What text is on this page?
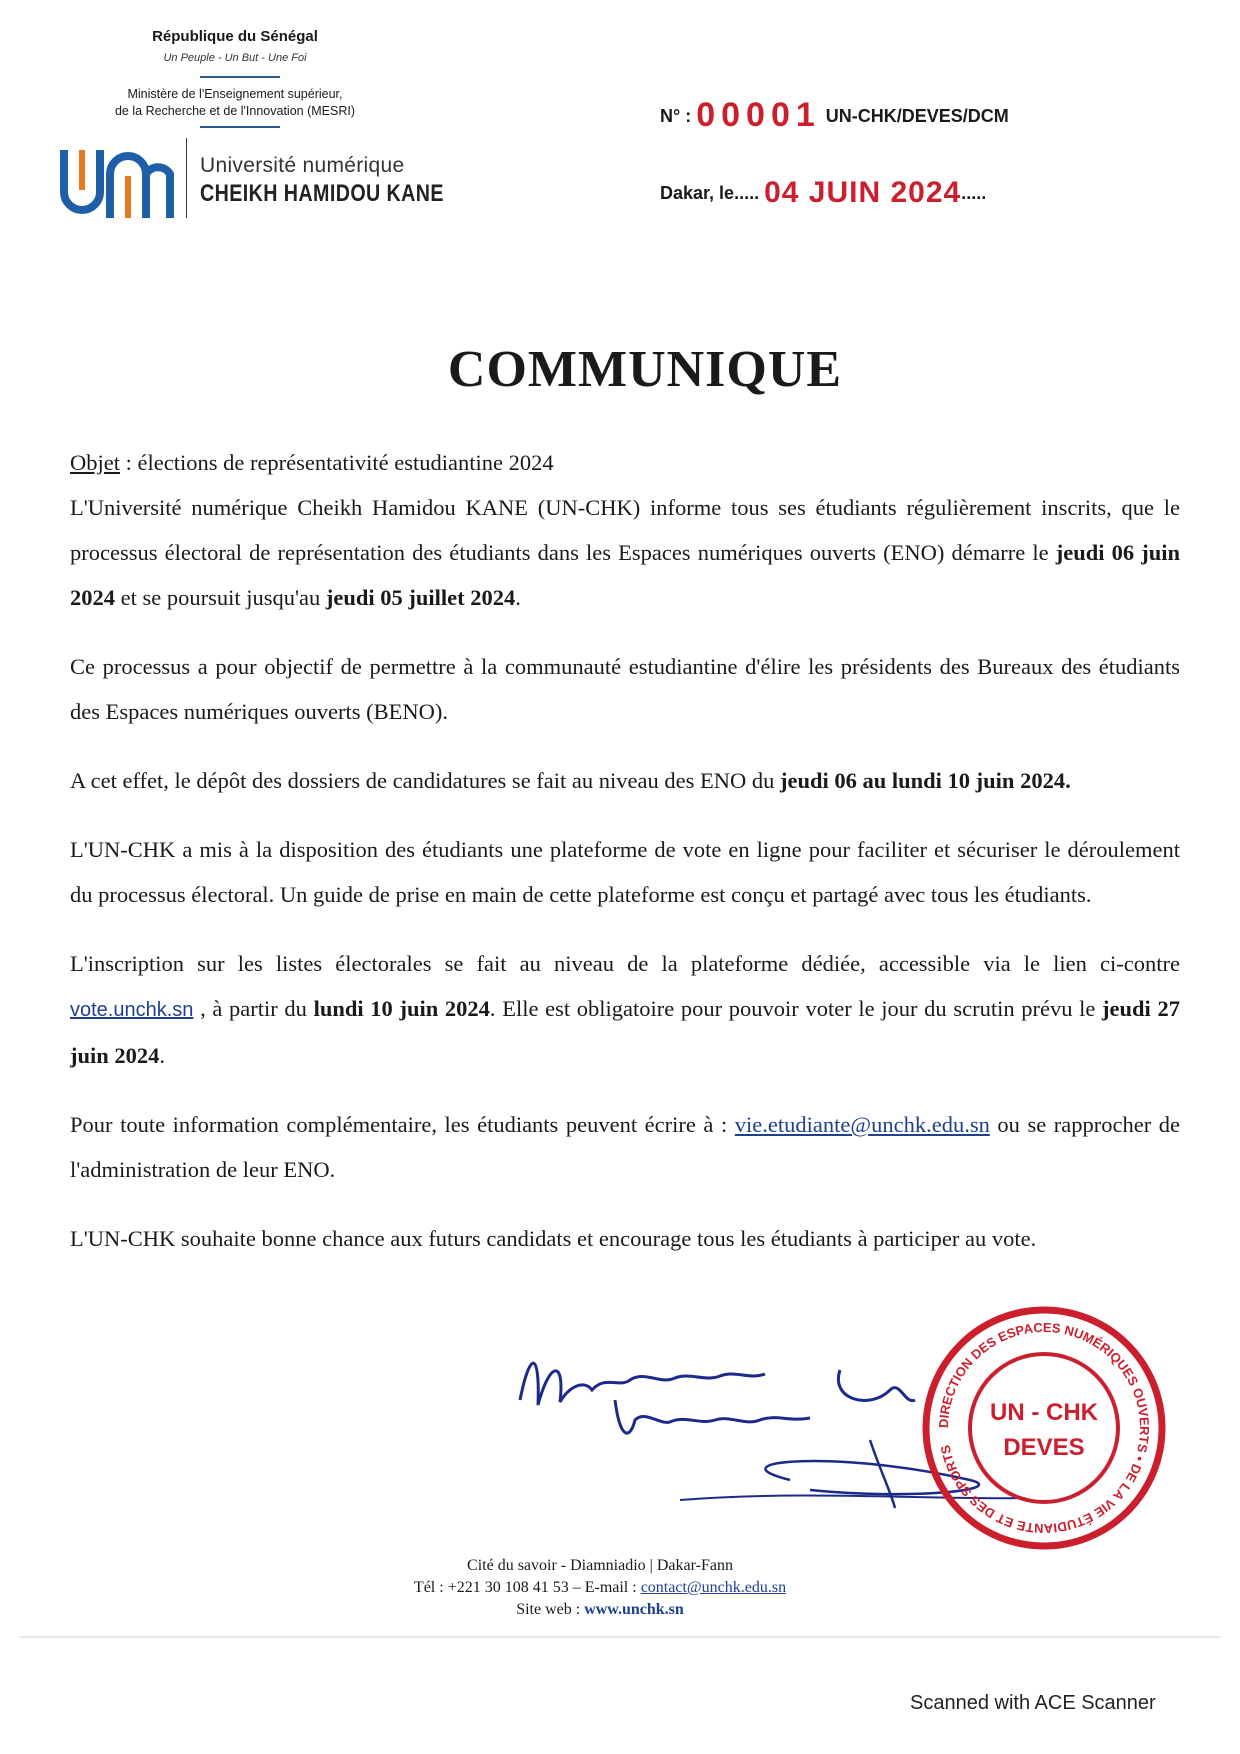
République du Sénégal
Un Peuple - Un But - Une Foi
Ministère de l'Enseignement supérieur,
de la Recherche et de l'Innovation (MESRI)
Université numérique
CHEIKH HAMIDOU KANE
N° : 00001 UN-CHK/DEVES/DCM
Dakar, le..... 04 JUIN 2024.....
COMMUNIQUE
Objet : élections de représentativité estudiantine 2024

L'Université numérique Cheikh Hamidou KANE (UN-CHK) informe tous ses étudiants régulièrement inscrits, que le processus électoral de représentation des étudiants dans les Espaces numériques ouverts (ENO) démarre le jeudi 06 juin 2024 et se poursuit jusqu'au jeudi 05 juillet 2024.

Ce processus a pour objectif de permettre à la communauté estudiantine d'élire les présidents des Bureaux des étudiants des Espaces numériques ouverts (BENO).

A cet effet, le dépôt des dossiers de candidatures se fait au niveau des ENO du jeudi 06 au lundi 10 juin 2024.

L'UN-CHK a mis à la disposition des étudiants une plateforme de vote en ligne pour faciliter et sécuriser le déroulement du processus électoral. Un guide de prise en main de cette plateforme est conçu et partagé avec tous les étudiants.

L'inscription sur les listes électorales se fait au niveau de la plateforme dédiée, accessible via le lien ci-contre vote.unchk.sn , à partir du lundi 10 juin 2024. Elle est obligatoire pour pouvoir voter le jour du scrutin prévu le jeudi 27 juin 2024.

Pour toute information complémentaire, les étudiants peuvent écrire à : vie.etudiante@unchk.edu.sn ou se rapprocher de l'administration de leur ENO.

L'UN-CHK souhaite bonne chance aux futurs candidats et encourage tous les étudiants à participer au vote.

DIRECTION DES ESPACES NUMÉRIQUES OUVERTS • DE LA VIE ÉTUDIANTE ET DES SPORTS
UN - CHK
DEVES
Cité du savoir - Diamniadio | Dakar-Fann
Tél : +221 30 108 41 53 – E-mail : contact@unchk.edu.sn
Site web : www.unchk.sn
Scanned with ACE Scanner
